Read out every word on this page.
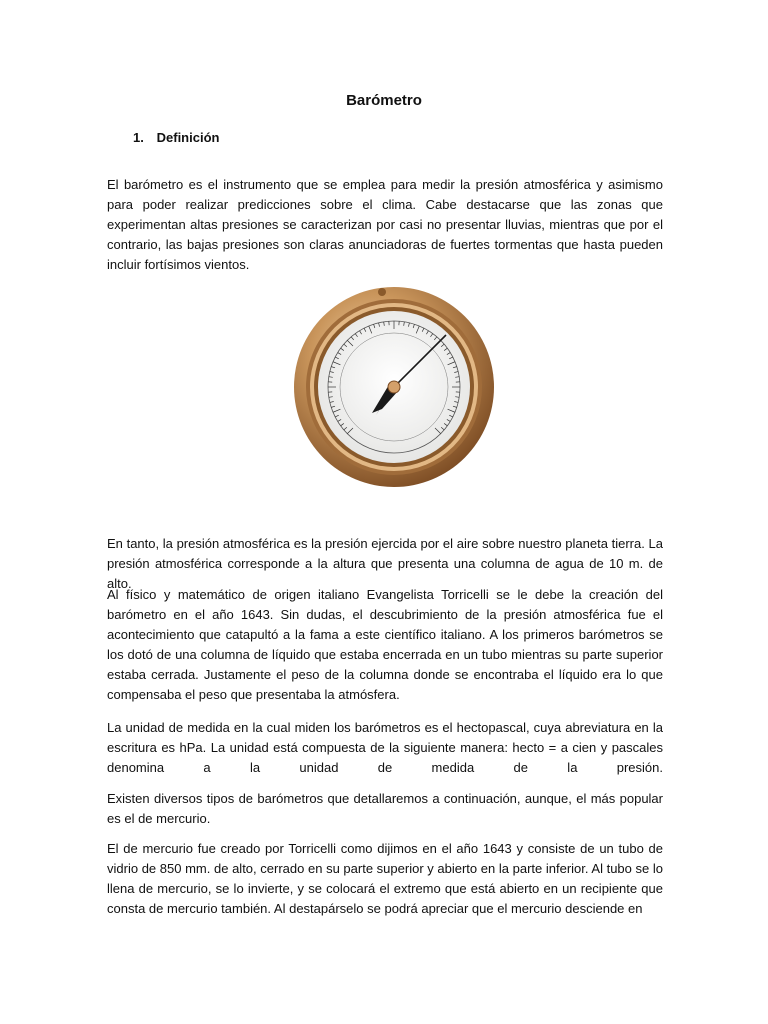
Barómetro
1. Definición

El barómetro es el instrumento que se emplea para medir la presión atmosférica y asimismo para poder realizar predicciones sobre el clima. Cabe destacarse que las zonas que experimentan altas presiones se caracterizan por casi no presentar lluvias, mientras que por el contrario, las bajas presiones son claras anunciadoras de fuertes tormentas que hasta pueden incluir fortísimos vientos.

En tanto, la presión atmosférica es la presión ejercida por el aire sobre nuestro planeta tierra. La presión atmosférica corresponde a la altura que presenta una columna de agua de 10 m. de alto.

Al físico y matemático de origen italiano Evangelista Torricelli se le debe la creación del barómetro en el año 1643. Sin dudas, el descubrimiento de la presión atmosférica fue el acontecimiento que catapultó a la fama a este científico italiano. A los primeros barómetros se los dotó de una columna de líquido que estaba encerrada en un tubo mientras su parte superior estaba cerrada. Justamente el peso de la columna donde se encontraba el líquido era lo que compensaba el peso que presentaba la atmósfera.

La unidad de medida en la cual miden los barómetros es el hectopascal, cuya abreviatura en la escritura es hPa. La unidad está compuesta de la siguiente manera: hecto = a cien y pascales denomina a la unidad de medida de la presión.

Existen diversos tipos de barómetros que detallaremos a continuación, aunque, el más popular es el de mercurio.

El de mercurio fue creado por Torricelli como dijimos en el año 1643 y consiste de un tubo de vidrio de 850 mm. de alto, cerrado en su parte superior y abierto en la parte inferior. Al tubo se lo llena de mercurio, se lo invierte, y se colocará el extremo que está abierto en un recipiente que consta de mercurio también. Al destapárselo se podrá apreciar que el mercurio desciende en
